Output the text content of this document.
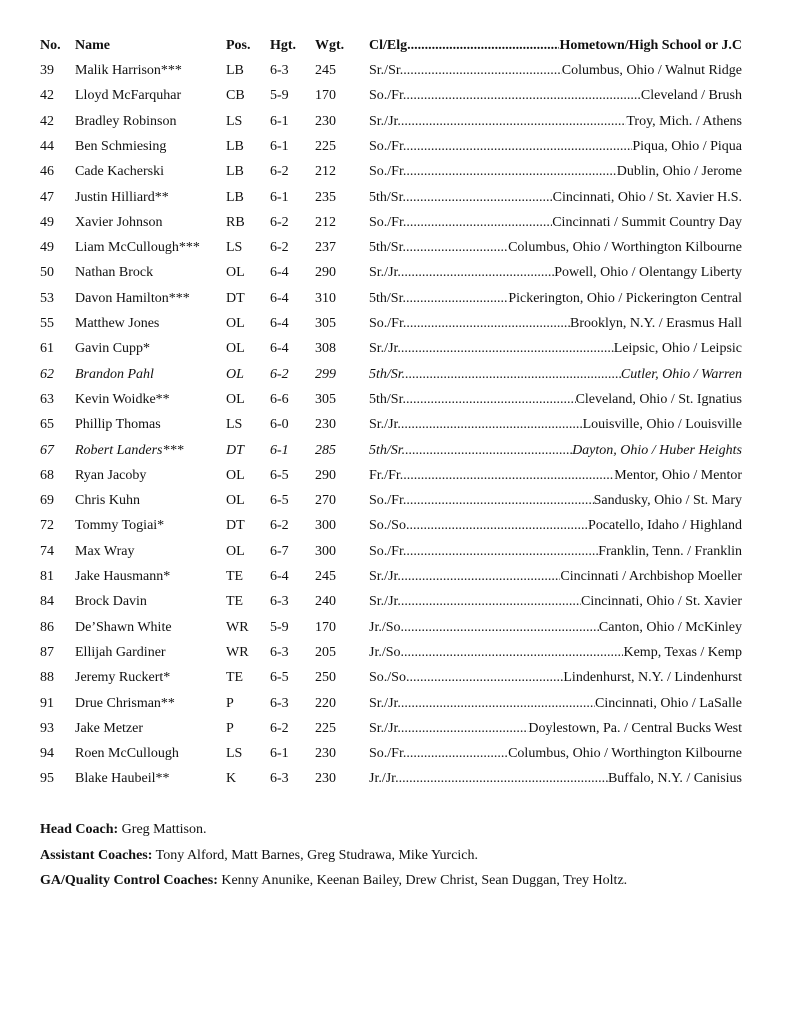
No. Name	Pos. Hgt. Wgt. Cl/Elg .....	Hometown/High School or J.C
39 Malik Harrison***	LB 6-3 245 Sr./Sr. .....	Columbus, Ohio / Walnut Ridge
42 Lloyd McFarquhar	CB 5-9 170 So./Fr. .....	Cleveland / Brush
42 Bradley Robinson	LS 6-1 230 Sr./Jr. .....	Troy, Mich. / Athens
44 Ben Schmiesing	LB 6-1 225 So./Fr. .....	Piqua, Ohio / Piqua
46 Cade Kacherski	LB 6-2 212 So./Fr. .....	Dublin, Ohio / Jerome
47 Justin Hilliard**	LB 6-1 235 5th/Sr. .....	Cincinnati, Ohio / St. Xavier H.S.
49 Xavier Johnson	RB 6-2 212 So./Fr. .....	Cincinnati / Summit Country Day
49 Liam McCullough*** LS 6-2 237 5th/Sr. .....	Columbus, Ohio / Worthington Kilbourne
50 Nathan Brock	OL 6-4 290 Sr./Jr. .....	Powell, Ohio / Olentangy Liberty
53 Davon Hamilton***	DT 6-4 310 5th/Sr. .....	Pickerington, Ohio / Pickerington Central
55 Matthew Jones	OL 6-4 305 So./Fr. .....	Brooklyn, N.Y. / Erasmus Hall
61 Gavin Cupp*	OL 6-4 308 Sr./Jr. .....	Leipsic, Ohio / Leipsic
62 Brandon Pahl	OL 6-2 299 5th/Sr. .....	Cutler, Ohio / Warren
63 Kevin Woidke**	OL 6-6 305 5th/Sr. .....	Cleveland, Ohio / St. Ignatius
65 Phillip Thomas	LS 6-0 230 Sr./Jr. .....	Louisville, Ohio / Louisville
67 Robert Landers***	DT 6-1 285 5th/Sr. .....	Dayton, Ohio / Huber Heights
68 Ryan Jacoby	OL 6-5 290 Fr./Fr. .....	Mentor, Ohio / Mentor
69 Chris Kuhn	OL 6-5 270 So./Fr. .....	Sandusky, Ohio / St. Mary
72 Tommy Togiai*	DT 6-2 300 So./So. .....	Pocatello, Idaho / Highland
74 Max Wray	OL 6-7 300 So./Fr. .....	Franklin, Tenn. / Franklin
81 Jake Hausmann*	TE 6-4 245 Sr./Jr. .....	Cincinnati / Archbishop Moeller
84 Brock Davin	TE 6-3 240 Sr./Jr. .....	Cincinnati, Ohio / St. Xavier
86 De’Shawn White	WR 5-9 170 Jr./So.. .....	Canton, Ohio / McKinley
87 Ellijah Gardiner	WR 6-3 205 Jr./So. .....	Kemp, Texas / Kemp
88 Jeremy Ruckert*	TE 6-5 250 So./So. .....	Lindenhurst, N.Y. / Lindenhurst
91 Drue Chrisman**	P	6-3 220 Sr./Jr. .....	Cincinnati, Ohio / LaSalle
93 Jake Metzer	P	6-2 225 Sr./Jr. .....	Doylestown, Pa. / Central Bucks West
94 Roen McCullough	LS 6-1 230 So./Fr. .....	Columbus, Ohio / Worthington Kilbourne
95 Blake Haubeil**	K 6-3 230 Jr./Jr. .....	Buffalo, N.Y. / Canisius
Head Coach: Greg Mattison.
Assistant Coaches: Tony Alford, Matt Barnes, Greg Studrawa, Mike Yurcich.
GA/Quality Control Coaches: Kenny Anunike, Keenan Bailey, Drew Christ, Sean Duggan, Trey Holtz.
